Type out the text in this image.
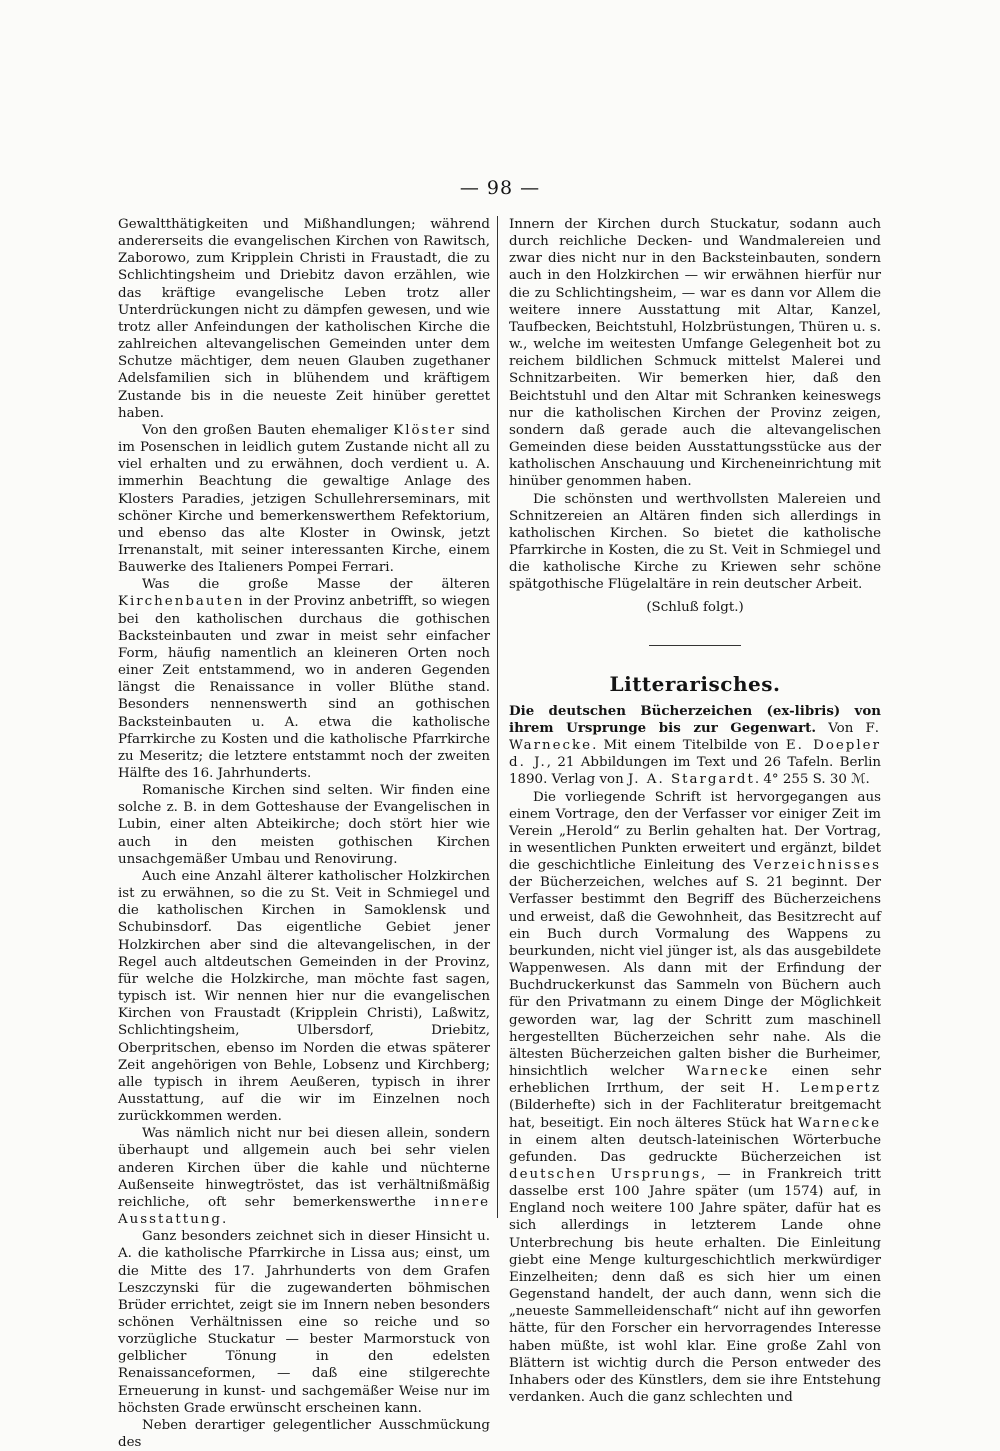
— 98 —

Gewaltthätigkeiten und Mißhandlungen; während andererseits die evangelischen Kirchen von Rawitsch, Zaborowo, zum Kripplein Christi in Fraustadt, die zu Schlichtingsheim und Driebitz davon erzählen, wie das kräftige evangelische Leben trotz aller Unterdrückungen nicht zu dämpfen gewesen, und wie trotz aller Anfeindungen der katholischen Kirche die zahlreichen altevangelischen Gemeinden unter dem Schutze mächtiger, dem neuen Glauben zugethaner Adelsfamilien sich in blühendem und kräftigem Zustande bis in die neueste Zeit hinüber gerettet haben.

Von den großen Bauten ehemaliger Klöster sind im Posenschen in leidlich gutem Zustande nicht all zu viel erhalten und zu erwähnen, doch verdient u. A. immerhin Beachtung die gewaltige Anlage des Klosters Paradies, jetzigen Schullehrerseminars, mit schöner Kirche und bemerkenswerthem Refektorium, und ebenso das alte Kloster in Owinsk, jetzt Irrenanstalt, mit seiner interessanten Kirche, einem Bauwerke des Italieners Pompei Ferrari.

Was die große Masse der älteren Kirchenbauten in der Provinz anbetrifft, so wiegen bei den katholischen durchaus die gothischen Backsteinbauten und zwar in meist sehr einfacher Form, häufig namentlich an kleineren Orten noch einer Zeit entstammend, wo in anderen Gegenden längst die Renaissance in voller Blüthe stand. Besonders nennenswerth sind an gothischen Backsteinbauten u. A. etwa die katholische Pfarrkirche zu Kosten und die katholische Pfarrkirche zu Meseritz; die letztere entstammt noch der zweiten Hälfte des 16. Jahrhunderts.

Romanische Kirchen sind selten. Wir finden eine solche z. B. in dem Gotteshause der Evangelischen in Lubin, einer alten Abteikirche; doch stört hier wie auch in den meisten gothischen Kirchen unsachgemäßer Umbau und Renovirung.

Auch eine Anzahl älterer katholischer Holzkirchen ist zu erwähnen, so die zu St. Veit in Schmiegel und die katholischen Kirchen in Samoklensk und Schubinsdorf. Das eigentliche Gebiet jener Holzkirchen aber sind die altevangelischen, in der Regel auch altdeutschen Gemeinden in der Provinz, für welche die Holzkirche, man möchte fast sagen, typisch ist. Wir nennen hier nur die evangelischen Kirchen von Fraustadt (Kripplein Christi), Laßwitz, Schlichtingsheim, Ulbersdorf, Driebitz, Oberpritschen, ebenso im Norden die etwas späterer Zeit angehörigen von Behle, Lobsenz und Kirchberg; alle typisch in ihrem Aeußeren, typisch in ihrer Ausstattung, auf die wir im Einzelnen noch zurückkommen werden.

Was nämlich nicht nur bei diesen allein, sondern überhaupt und allgemein auch bei sehr vielen anderen Kirchen über die kahle und nüchterne Außenseite hinwegtröstet, das ist verhältnißmäßig reichliche, oft sehr bemerkenswerthe innere Ausstattung.

Ganz besonders zeichnet sich in dieser Hinsicht u. A. die katholische Pfarrkirche in Lissa aus; einst, um die Mitte des 17. Jahrhunderts von dem Grafen Leszczynski für die zugewanderten böhmischen Brüder errichtet, zeigt sie im Innern neben besonders schönen Verhältnissen eine so reiche und so vorzügliche Stuckatur — bester Marmorstuck von gelblicher Tönung in den edelsten Renaissanceformen, — daß eine stilgerechte Erneuerung in kunst- und sachgemäßer Weise nur im höchsten Grade erwünscht erscheinen kann.

Neben derartiger gelegentlicher Ausschmückung des

Innern der Kirchen durch Stuckatur, sodann auch durch reichliche Decken- und Wandmalereien und zwar dies nicht nur in den Backsteinbauten, sondern auch in den Holzkirchen — wir erwähnen hierfür nur die zu Schlichtingsheim, — war es dann vor Allem die weitere innere Ausstattung mit Altar, Kanzel, Taufbecken, Beichtstuhl, Holzbrüstungen, Thüren u. s. w., welche im weitesten Umfange Gelegenheit bot zu reichem bildlichen Schmuck mittelst Malerei und Schnitzarbeiten. Wir bemerken hier, daß den Beichtstuhl und den Altar mit Schranken keineswegs nur die katholischen Kirchen der Provinz zeigen, sondern daß gerade auch die altevangelischen Gemeinden diese beiden Ausstattungsstücke aus der katholischen Anschauung und Kircheneinrichtung mit hinüber genommen haben.

Die schönsten und werthvollsten Malereien und Schnitzereien an Altären finden sich allerdings in katholischen Kirchen. So bietet die katholische Pfarrkirche in Kosten, die zu St. Veit in Schmiegel und die katholische Kirche zu Kriewen sehr schöne spätgothische Flügelaltäre in rein deutscher Arbeit.

(Schluß folgt.)

Litterarisches.

Die deutschen Bücherzeichen (ex-libris) von ihrem Ursprunge bis zur Gegenwart. Von F. Warnecke. Mit einem Titelbilde von E. Doepler d. J., 21 Abbildungen im Text und 26 Tafeln. Berlin 1890. Verlag von J. A. Stargardt. 4° 255 S. 30 ℳ.

Die vorliegende Schrift ist hervorgegangen aus einem Vortrage, den der Verfasser vor einiger Zeit im Verein „Herold“ zu Berlin gehalten hat. Der Vortrag, in wesentlichen Punkten erweitert und ergänzt, bildet die geschichtliche Einleitung des Verzeichnisses der Bücherzeichen, welches auf S. 21 beginnt. Der Verfasser bestimmt den Begriff des Bücherzeichens und erweist, daß die Gewohnheit, das Besitzrecht auf ein Buch durch Vormalung des Wappens zu beurkunden, nicht viel jünger ist, als das ausgebildete Wappenwesen. Als dann mit der Erfindung der Buchdruckerkunst das Sammeln von Büchern auch für den Privatmann zu einem Dinge der Möglichkeit geworden war, lag der Schritt zum maschinell hergestellten Bücherzeichen sehr nahe. Als die ältesten Bücherzeichen galten bisher die Burheimer, hinsichtlich welcher Warnecke einen sehr erheblichen Irrthum, der seit H. Lempertz (Bilderhefte) sich in der Fachliteratur breitgemacht hat, beseitigt. Ein noch älteres Stück hat Warnecke in einem alten deutsch-lateinischen Wörterbuche gefunden. Das gedruckte Bücherzeichen ist deutschen Ursprungs, — in Frankreich tritt dasselbe erst 100 Jahre später (um 1574) auf, in England noch weitere 100 Jahre später, dafür hat es sich allerdings in letzterem Lande ohne Unterbrechung bis heute erhalten. Die Einleitung giebt eine Menge kulturgeschichtlich merkwürdiger Einzelheiten; denn daß es sich hier um einen Gegenstand handelt, der auch dann, wenn sich die „neueste Sammelleidenschaft“ nicht auf ihn geworfen hätte, für den Forscher ein hervorragendes Interesse haben müßte, ist wohl klar. Eine große Zahl von Blättern ist wichtig durch die Person entweder des Inhabers oder des Künstlers, dem sie ihre Entstehung verdanken. Auch die ganz schlechten und
